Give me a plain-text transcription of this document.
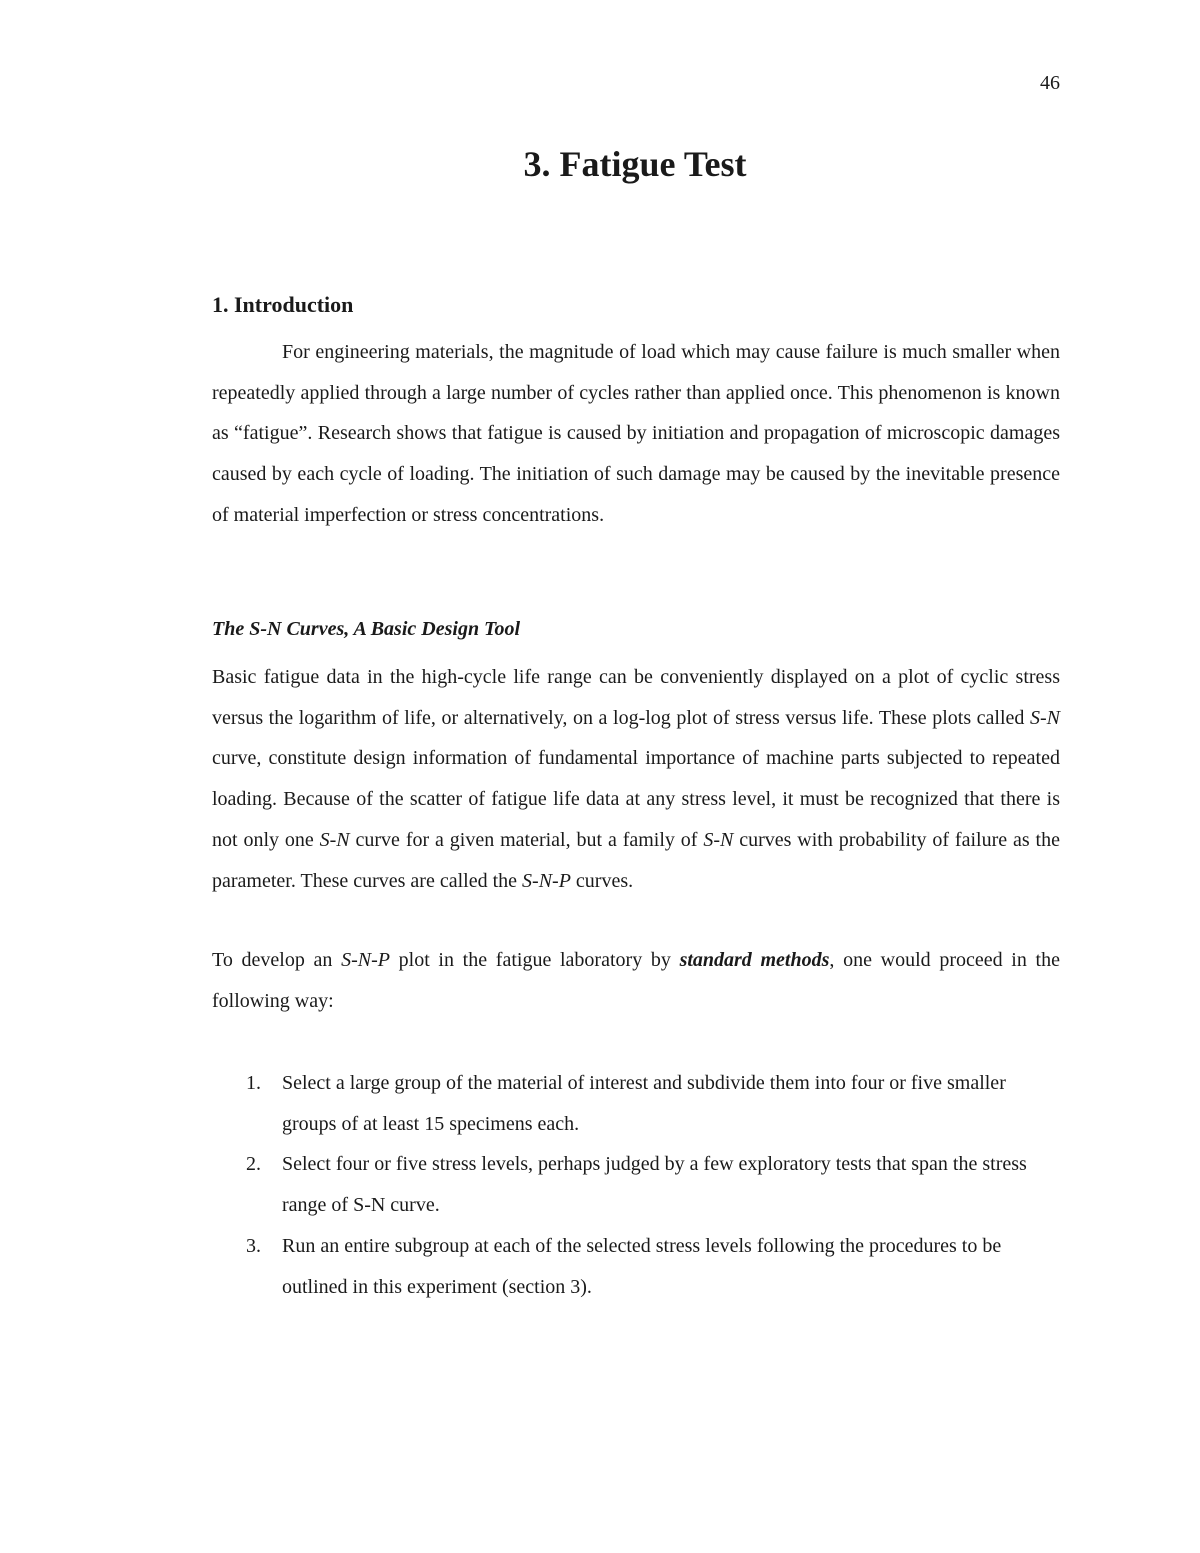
46
3. Fatigue Test
1. Introduction

For engineering materials, the magnitude of load which may cause failure is much smaller when repeatedly applied through a large number of cycles rather than applied once. This phenomenon is known as “fatigue”. Research shows that fatigue is caused by initiation and propagation of microscopic damages caused by each cycle of loading. The initiation of such damage may be caused by the inevitable presence of material imperfection or stress concentrations.

The S-N Curves, A Basic Design Tool

Basic fatigue data in the high-cycle life range can be conveniently displayed on a plot of cyclic stress versus the logarithm of life, or alternatively, on a log-log plot of stress versus life. These plots called S-N curve, constitute design information of fundamental importance of machine parts subjected to repeated loading. Because of the scatter of fatigue life data at any stress level, it must be recognized that there is not only one S-N curve for a given material, but a family of S-N curves with probability of failure as the parameter. These curves are called the S-N-P curves.

To develop an S-N-P plot in the fatigue laboratory by standard methods, one would proceed in the following way:

1. Select a large group of the material of interest and subdivide them into four or five smaller groups of at least 15 specimens each.
2. Select four or five stress levels, perhaps judged by a few exploratory tests that span the stress range of S-N curve.
3. Run an entire subgroup at each of the selected stress levels following the procedures to be outlined in this experiment (section 3).
